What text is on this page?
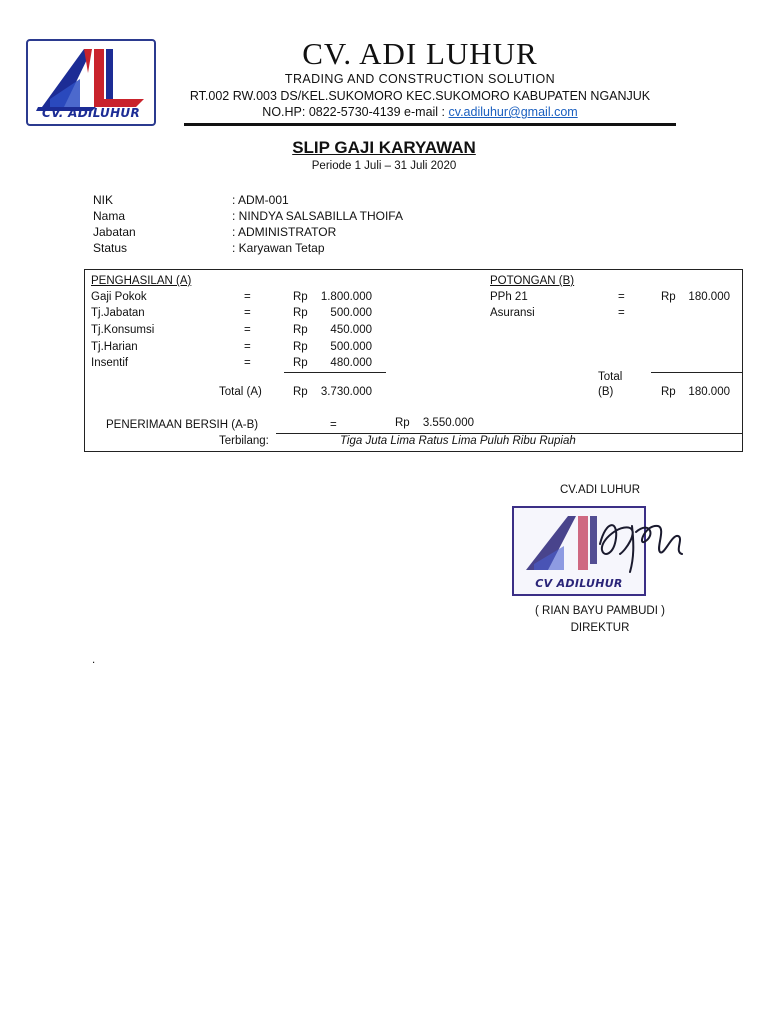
CV. ADILUHUR
CV. ADI LUHUR
TRADING AND CONSTRUCTION SOLUTION
RT.002 RW.003 DS/KEL.SUKOMORO KEC.SUKOMORO KABUPATEN NGANJUK
NO.HP: 0822-5730-4139 e-mail : cv.adiluhur@gmail.com
SLIP GAJI KARYAWAN
Periode 1 Juli – 31 Juli 2020
NIK	: ADM-001
Nama	: NINDYA SALSABILLA THOIFA
Jabatan	: ADMINISTRATOR
Status	: Karyawan Tetap
PENGHASILAN (A)
Gaji Pokok	=	Rp	1.800.000
Tj.Jabatan	=	Rp	500.000
Tj.Konsumsi	=	Rp	450.000
Tj.Harian	=	Rp	500.000
Insentif	=	Rp	480.000
Total (A)	Rp	3.730.000
POTONGAN (B)
PPh 21	=	Rp	180.000
Asuransi	=
Total
(B)	Rp	180.000
PENERIMAAN BERSIH (A-B)	=	Rp	3.550.000
Terbilang:	Tiga Juta Lima Ratus Lima Puluh Ribu Rupiah
CV.ADI LUHUR
CV ADILUHUR
( RIAN BAYU PAMBUDI )
DIREKTUR
.
